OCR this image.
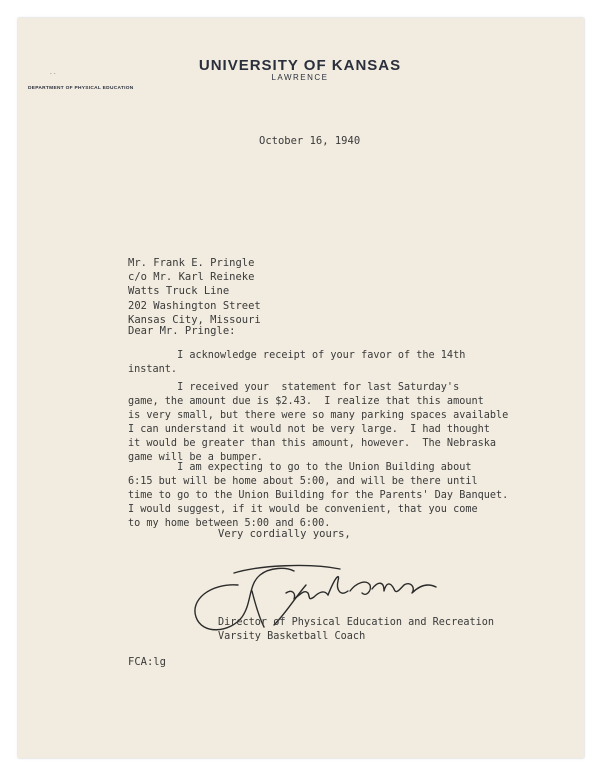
· ·
UNIVERSITY OF KANSAS
LAWRENCE
DEPARTMENT OF PHYSICAL EDUCATION
October 16, 1940
Mr. Frank E. Pringle
c/o Mr. Karl Reineke
Watts Truck Line
202 Washington Street
Kansas City, Missouri
Dear Mr. Pringle:
I acknowledge receipt of your favor of the 14th
instant.
I received your  statement for last Saturday's
game, the amount due is $2.43.  I realize that this amount
is very small, but there were so many parking spaces available
I can understand it would not be very large.  I had thought
it would be greater than this amount, however.  The Nebraska
game will be a bumper.
I am expecting to go to the Union Building about
6:15 but will be home about 5:00, and will be there until
time to go to the Union Building for the Parents' Day Banquet.
I would suggest, if it would be convenient, that you come
to my home between 5:00 and 6:00.
Very cordially yours,
Director of Physical Education and Recreation
Varsity Basketball Coach
FCA:lg
